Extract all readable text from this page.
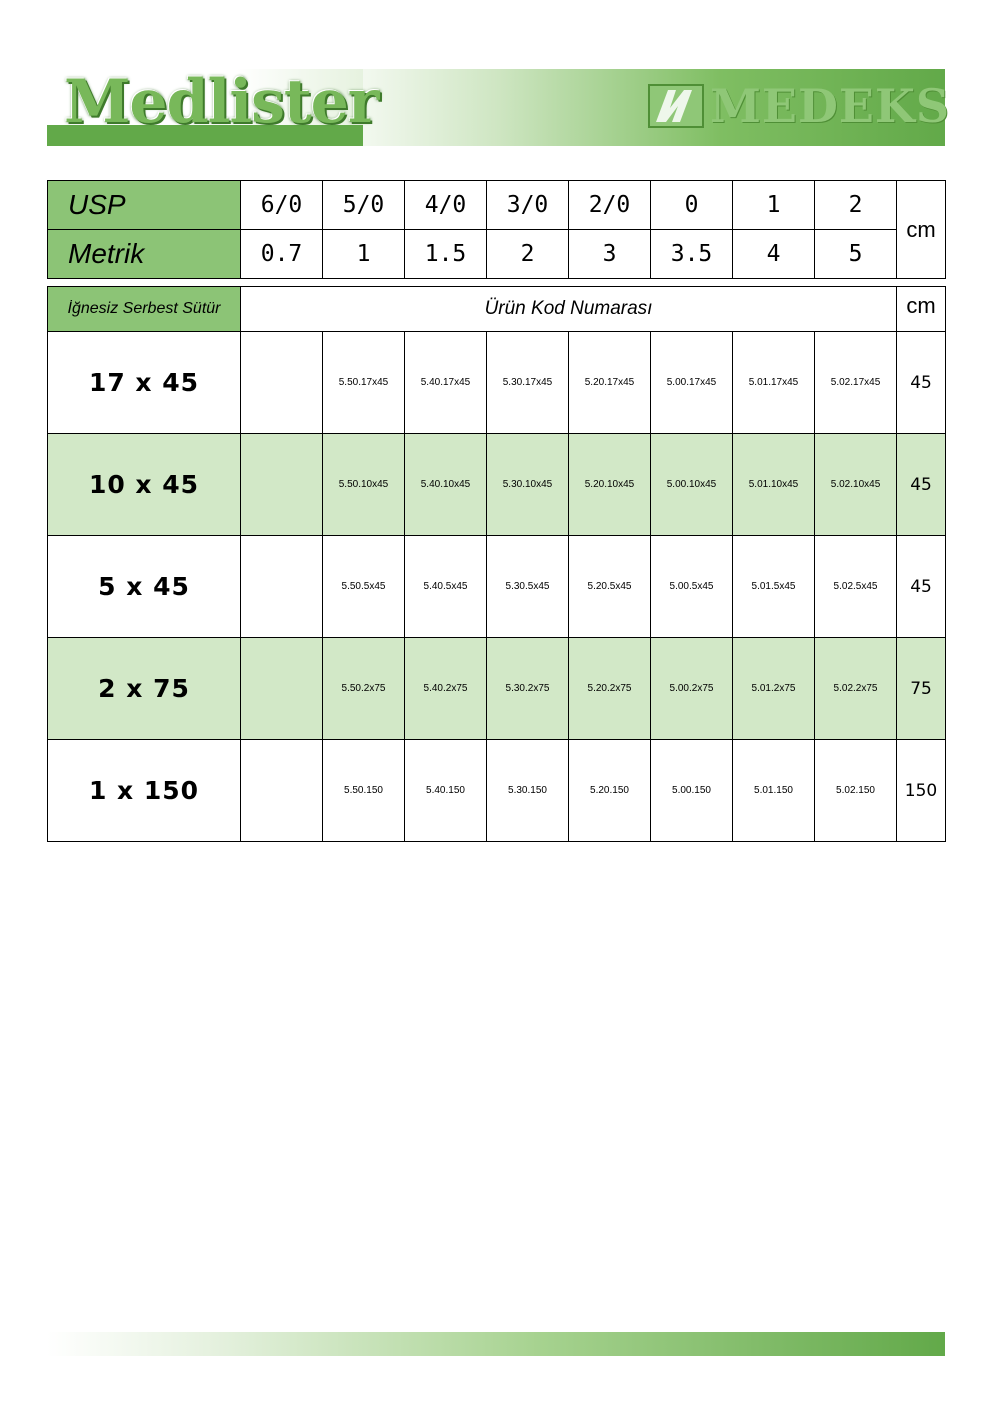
Medlister	MEDEKS
USP	6/0	5/0	4/0	3/0	2/0	0	1	2	cm
Metrik	0.7	1	1.5	2	3	3.5	4	5	
İğnesiz Serbest Sütür	Ürün Kod Numarası								cm
17 x 45		5.50.17x45	5.40.17x45	5.30.17x45	5.20.17x45	5.00.17x45	5.01.17x45	5.02.17x45	45
10 x 45		5.50.10x45	5.40.10x45	5.30.10x45	5.20.10x45	5.00.10x45	5.01.10x45	5.02.10x45	45
5 x 45		5.50.5x45	5.40.5x45	5.30.5x45	5.20.5x45	5.00.5x45	5.01.5x45	5.02.5x45	45
2 x 75		5.50.2x75	5.40.2x75	5.30.2x75	5.20.2x75	5.00.2x75	5.01.2x75	5.02.2x75	75
1 x 150		5.50.150	5.40.150	5.30.150	5.20.150	5.00.150	5.01.150	5.02.150	150
